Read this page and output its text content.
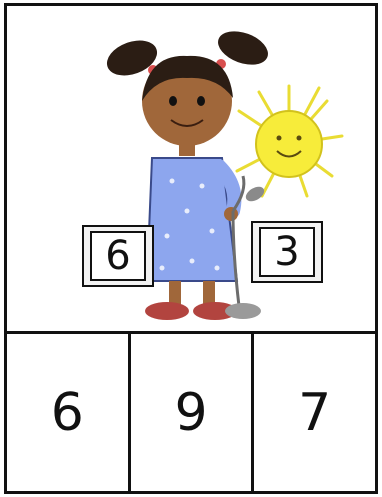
6	3
6	9	7
